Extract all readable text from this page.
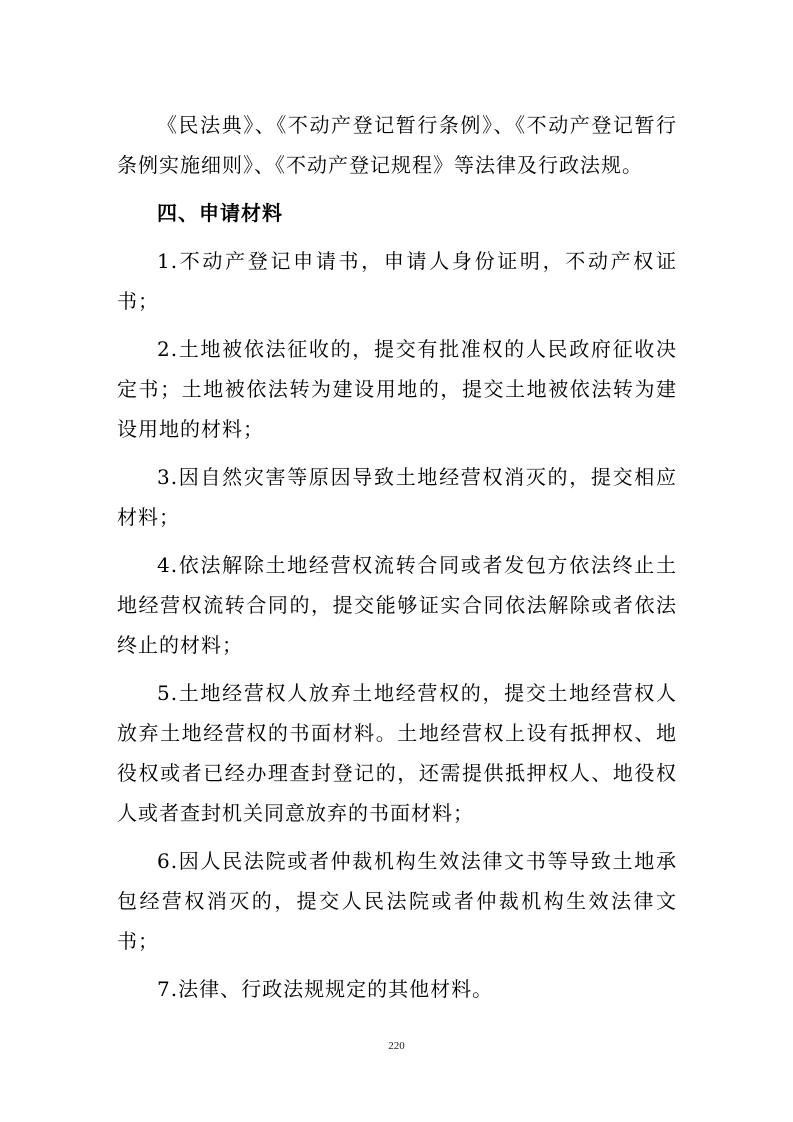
《民法典》、《不动产登记暂行条例》、《不动产登记暂行条例实施细则》、《不动产登记规程》等法律及行政法规。

四、申请材料

1.不动产登记申请书，申请人身份证明，不动产权证书；

2.土地被依法征收的，提交有批准权的人民政府征收决定书；土地被依法转为建设用地的，提交土地被依法转为建设用地的材料；

3.因自然灾害等原因导致土地经营权消灭的，提交相应材料；

4.依法解除土地经营权流转合同或者发包方依法终止土地经营权流转合同的，提交能够证实合同依法解除或者依法终止的材料；

5.土地经营权人放弃土地经营权的，提交土地经营权人放弃土地经营权的书面材料。土地经营权上设有抵押权、地役权或者已经办理查封登记的，还需提供抵押权人、地役权人或者查封机关同意放弃的书面材料；

6.因人民法院或者仲裁机构生效法律文书等导致土地承包经营权消灭的，提交人民法院或者仲裁机构生效法律文书；

7.法律、行政法规规定的其他材料。

220
